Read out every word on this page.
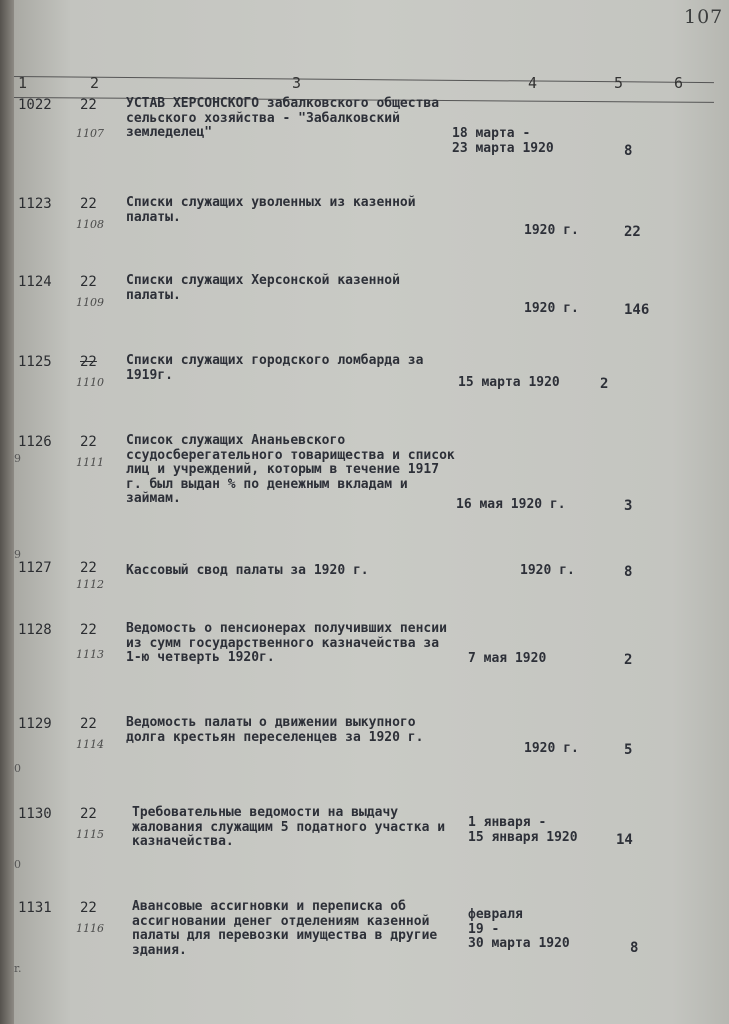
107
1	2	3	4	5	6
1022 22
1107
УСТАВ ХЕРСОНСКОГО забалковского общества сельского хозяйства - "Забалковский земледелец"	18 марта -
23 марта 1920	8
1123 22
1108
Списки служащих уволенных из казенной палаты.
1920 г.	22
1124 22
1109
Списки служащих Херсонской казенной палаты.
1920 г.	146
1125 22
1110
Списки служащих городского ломбарда за 1919г.	15 марта 1920	2
1126 22
1111
Список служащих Ананьевского ссудосберегательного товарищества и список лиц и учреждений, которым в течение 1917 г. был выдан % по денежным вкладам и займам.	16 мая 1920 г.	3
1127 22
1112
Кассовый свод палаты за 1920 г.	1920 г.	8
1128 22
1113
Ведомость о пенсионерах получивших пенсии из сумм государственного казначейства за 1-ю четверть 1920г.	7 мая 1920	2
1129 22
1114
Ведомость палаты о движении выкупного долга крестьян переселенцев за 1920 г.
1920 г.	5
1130 22
1115
Требовательные ведомости на выдачу жалования служащим 5 податного участка и казначейства.
1 января -
15 января 1920	14
1131 22
1116
Авансовые ассигновки и переписка об ассигновании денег отделениям казенной палаты для перевозки имущества в другие здания.
февраля
19 -
30 марта 1920	8
9
9
0
0
r.
